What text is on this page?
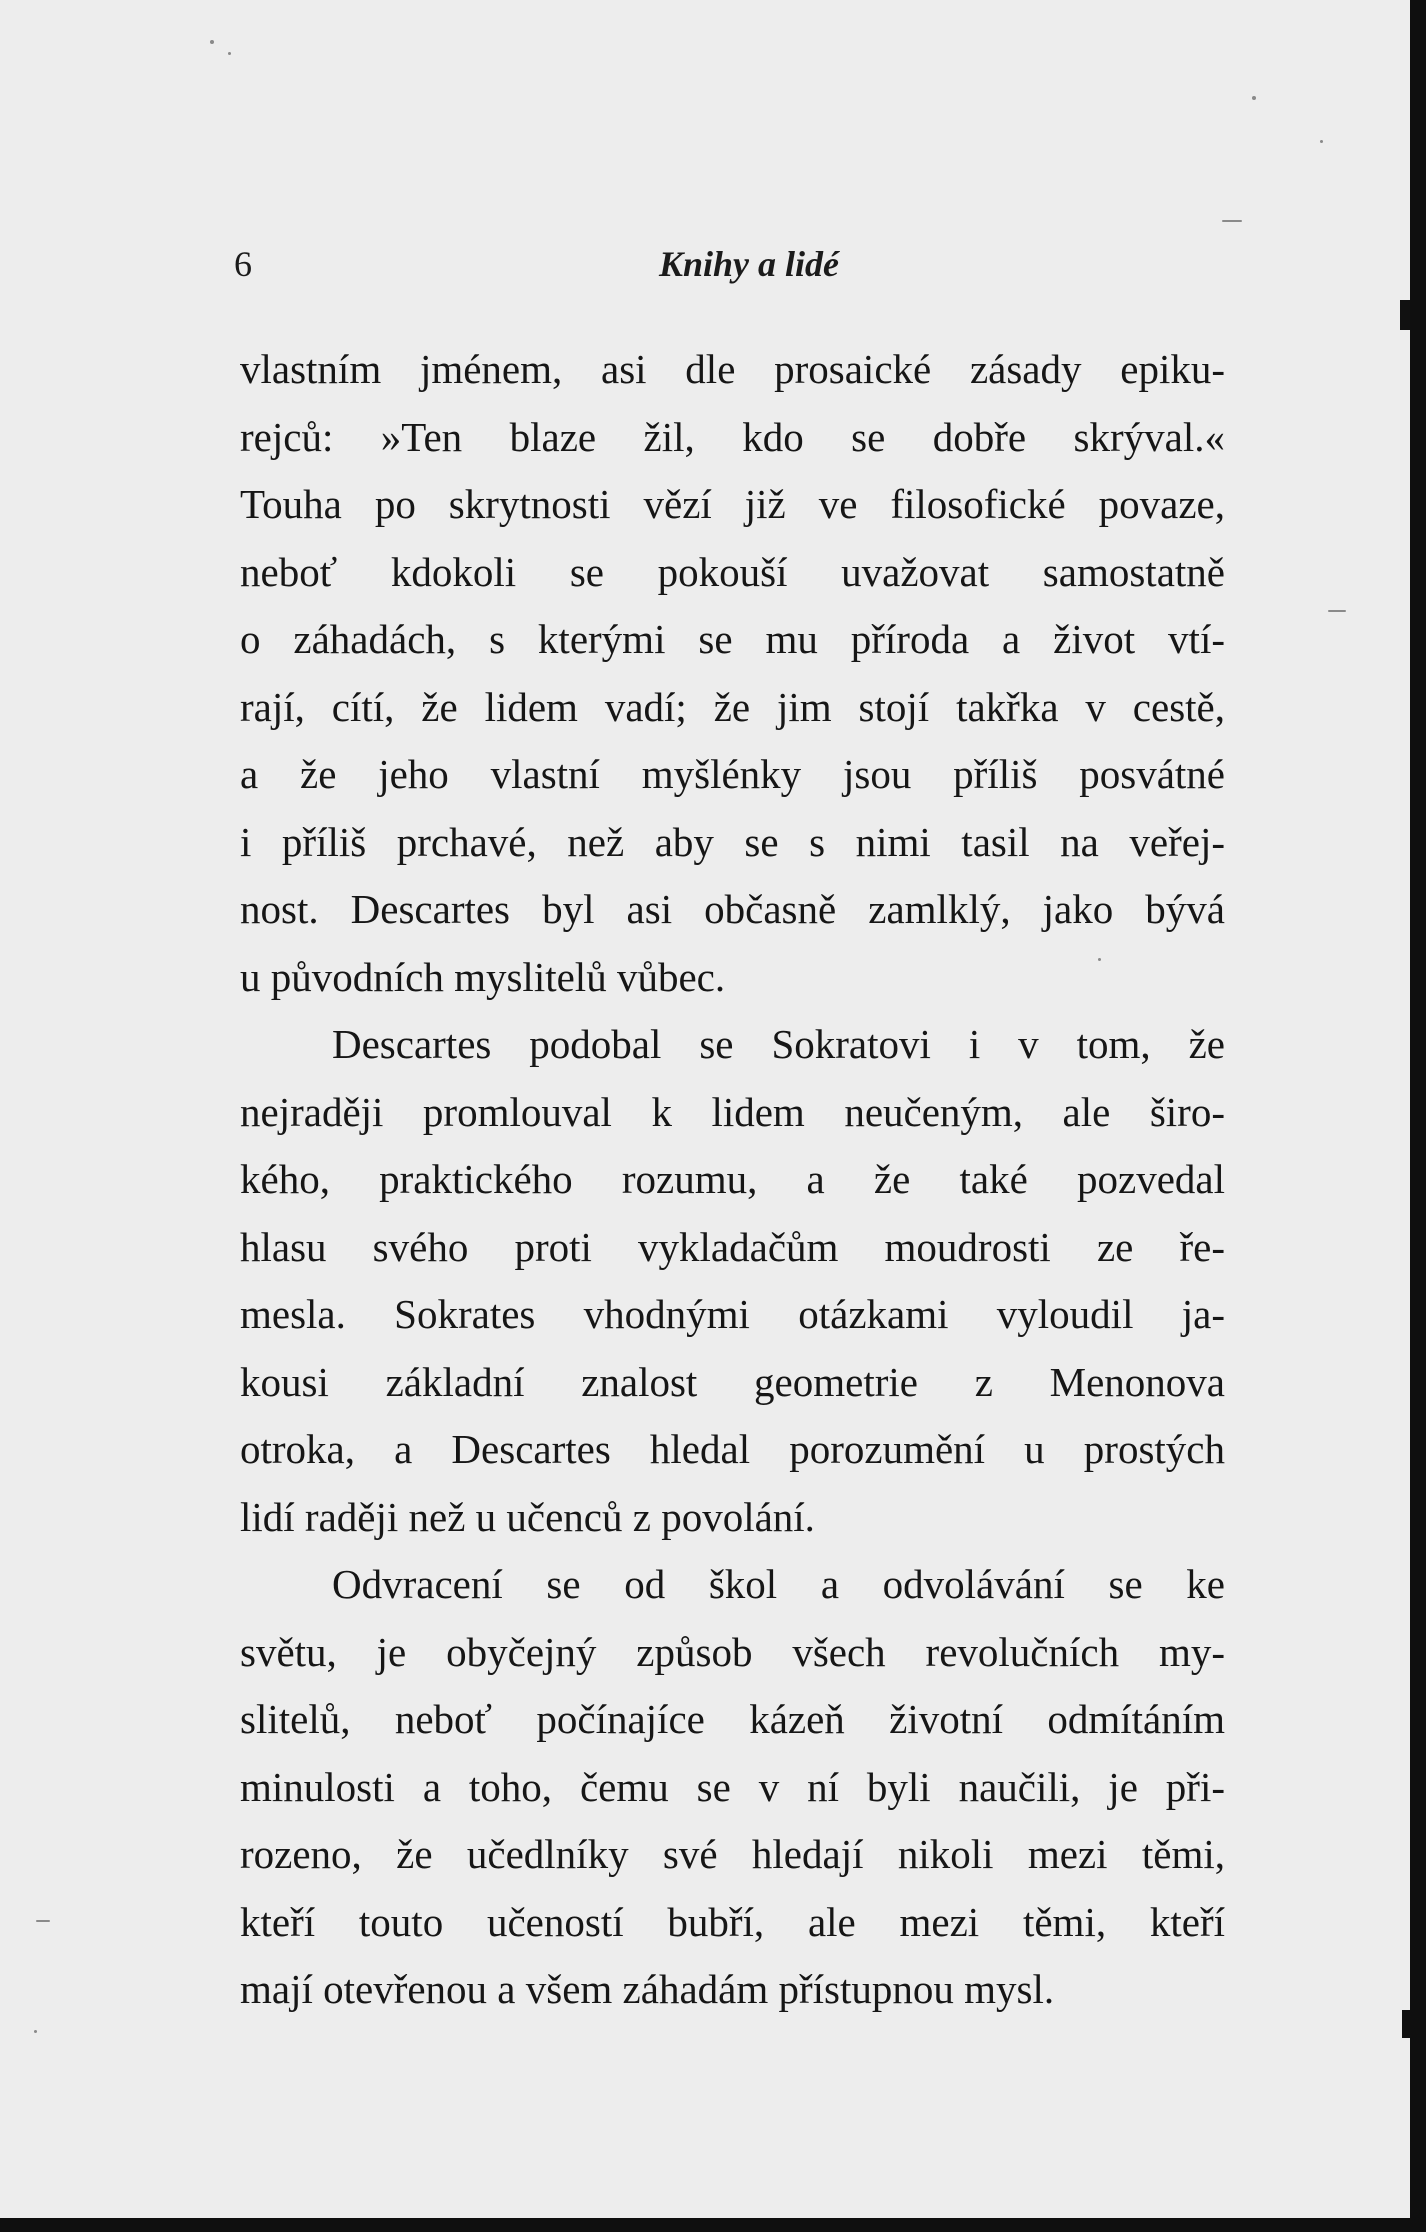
6	Knihy a lidé
vlastním jménem, asi dle prosaické zásady epiku-
rejců: »Ten blaze žil, kdo se dobře skrýval.«
Touha po skrytnosti vězí již ve filosofické povaze,
neboť kdokoli se pokouší uvažovat samostatně
o záhadách, s kterými se mu příroda a život vtí-
rají, cítí, že lidem vadí; že jim stojí takřka v cestě,
a že jeho vlastní myšlénky jsou příliš posvátné
i příliš prchavé, než aby se s nimi tasil na veřej-
nost. Descartes byl asi občasně zamlklý, jako bývá
u původních myslitelů vůbec.
Descartes podobal se Sokratovi i v tom, že
nejraději promlouval k lidem neučeným, ale širo-
kého, praktického rozumu, a že také pozvedal
hlasu svého proti vykladačům moudrosti ze ře-
mesla. Sokrates vhodnými otázkami vyloudil ja-
kousi základní znalost geometrie z Menonova
otroka, a Descartes hledal porozumění u prostých
lidí raději než u učenců z povolání.
Odvracení se od škol a odvolávání se ke
světu, je obyčejný způsob všech revolučních my-
slitelů, neboť počínajíce kázeň životní odmítáním
minulosti a toho, čemu se v ní byli naučili, je při-
rozeno, že učedlníky své hledají nikoli mezi těmi,
kteří touto učeností bubří, ale mezi těmi, kteří
mají otevřenou a všem záhadám přístupnou mysl.
